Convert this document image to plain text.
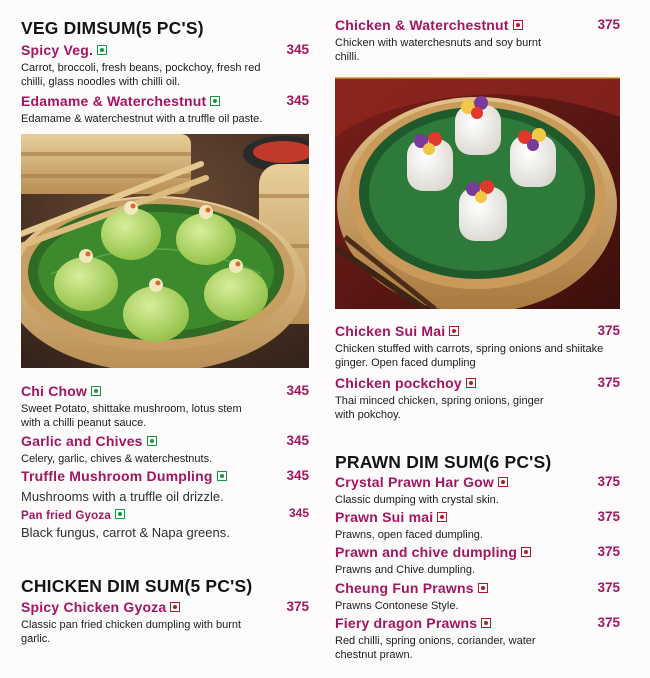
VEG DIMSUM(5 PC'S)
Spicy Veg.	345
Carrot, broccoli, fresh beans, pockchoy, fresh red chilli, glass noodles with chilli oil.
Edamame & Waterchestnut	345
Edamame & waterchestnut with a truffle oil paste.
Chi Chow	345
Sweet Potato, shittake mushroom, lotus stem with a chilli peanut sauce.
Garlic and Chives	345
Celery, garlic, chives & waterchestnuts.
Truffle Mushroom Dumpling	345
Mushrooms with a truffle oil drizzle.
Pan fried Gyoza	345
Black fungus, carrot & Napa greens.
CHICKEN DIM SUM(5 PC'S)
Spicy Chicken Gyoza	375
Classic pan fried chicken dumpling with burnt garlic.
Chicken & Waterchestnut	375
Chicken with waterchesnuts and soy burnt chilli.
Chicken Sui Mai	375
Chicken stuffed with carrots, spring onions and shiitake ginger. Open faced dumpling
Chicken pockchoy	375
Thai minced chicken, spring onions, ginger with pokchoy.
PRAWN DIM SUM(6 PC'S)
Crystal Prawn Har Gow	375
Classic dumping with crystal skin.
Prawn Sui mai	375
Prawns, open faced dumpling.
Prawn and chive dumpling	375
Prawns and Chive dumpling.
Cheung Fun Prawns	375
Prawns Contonese Style.
Fiery dragon Prawns	375
Red chilli, spring onions, coriander, water chestnut prawn.
